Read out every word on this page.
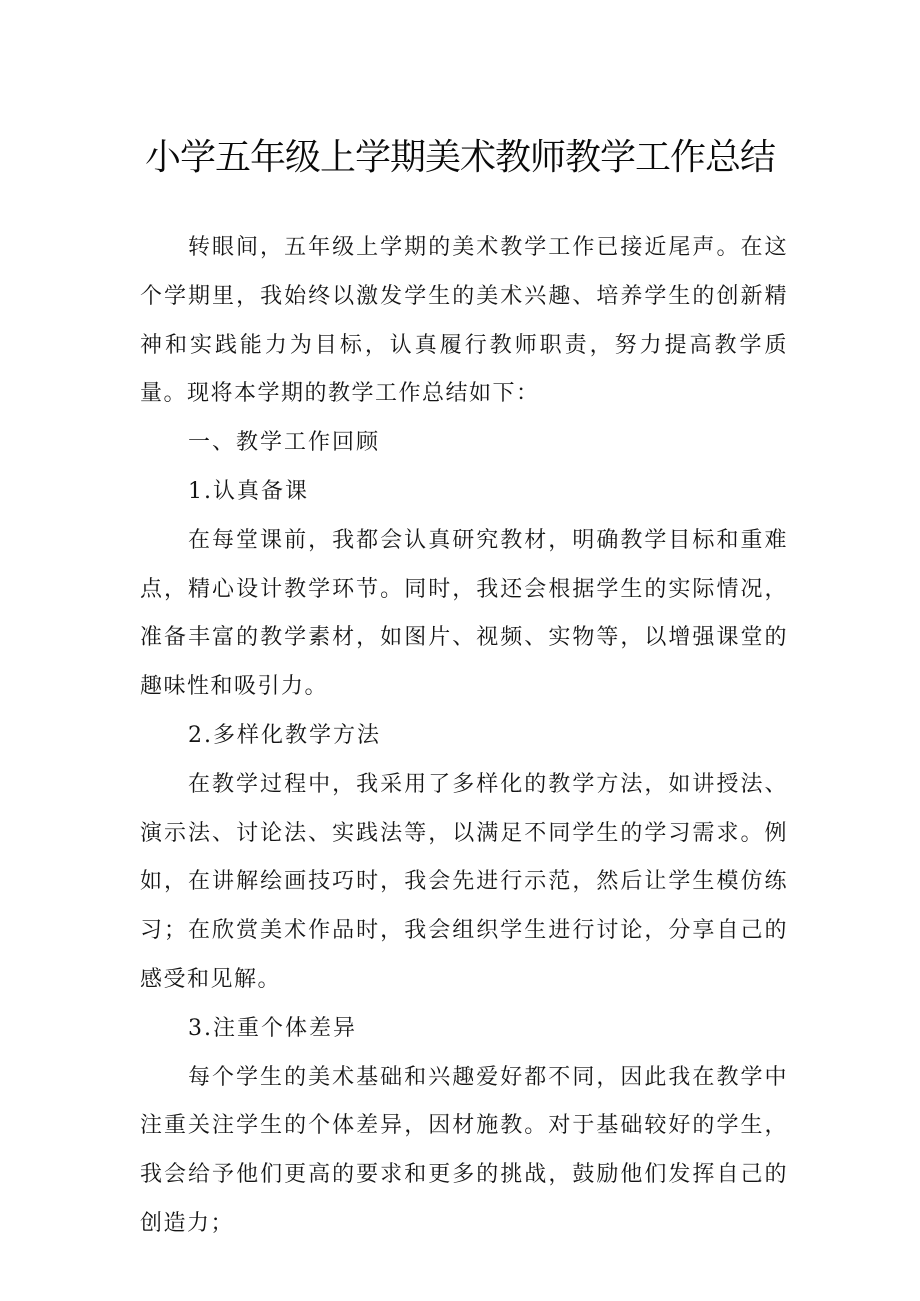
小学五年级上学期美术教师教学工作总结

转眼间，五年级上学期的美术教学工作已接近尾声。在这个学期里，我始终以激发学生的美术兴趣、培养学生的创新精神和实践能力为目标，认真履行教师职责，努力提高教学质量。现将本学期的教学工作总结如下：

一、教学工作回顾

1.认真备课

在每堂课前，我都会认真研究教材，明确教学目标和重难点，精心设计教学环节。同时，我还会根据学生的实际情况，准备丰富的教学素材，如图片、视频、实物等，以增强课堂的趣味性和吸引力。

2.多样化教学方法

在教学过程中，我采用了多样化的教学方法，如讲授法、演示法、讨论法、实践法等，以满足不同学生的学习需求。例如，在讲解绘画技巧时，我会先进行示范，然后让学生模仿练习；在欣赏美术作品时，我会组织学生进行讨论，分享自己的感受和见解。

3.注重个体差异

每个学生的美术基础和兴趣爱好都不同，因此我在教学中注重关注学生的个体差异，因材施教。对于基础较好的学生，我会给予他们更高的要求和更多的挑战，鼓励他们发挥自己的创造力；
